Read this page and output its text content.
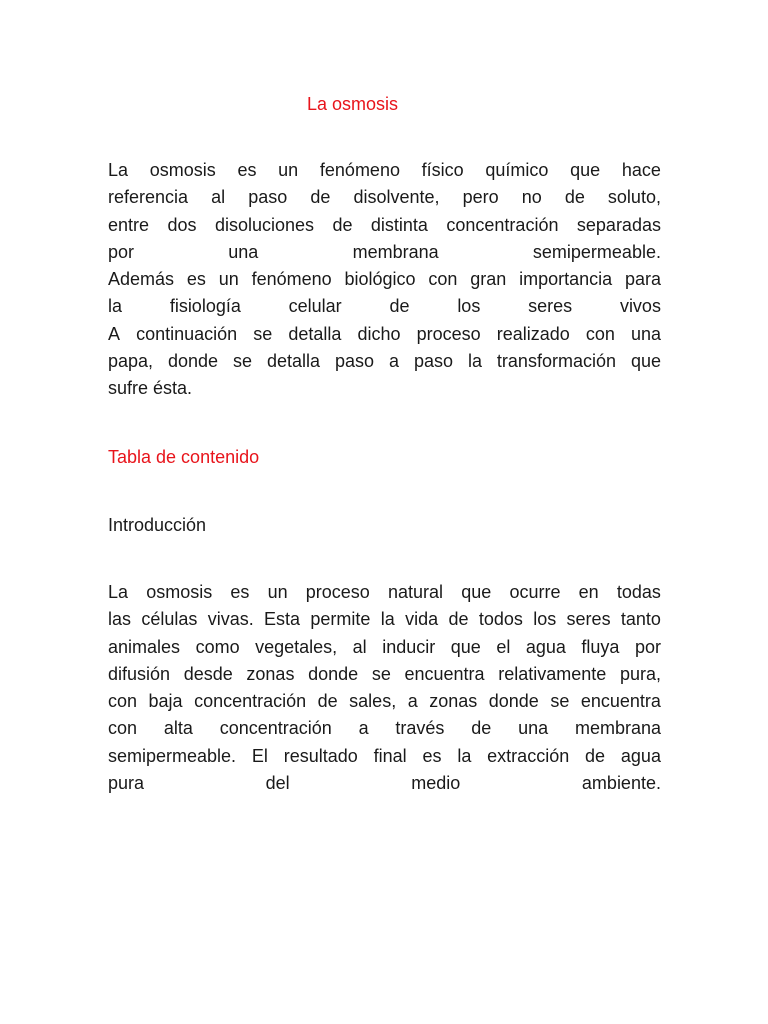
La osmosis
La osmosis es un fenómeno físico químico que hace
referencia al paso de disolvente, pero no de soluto,
entre dos disoluciones de distinta concentración separadas
por	una	membrana	semipermeable.
Además es un fenómeno biológico con gran importancia para
la	fisiología	celular	de	los	seres	vivos
A continuación se detalla dicho proceso realizado con una
papa, donde se detalla paso a paso la transformación que
sufre ésta.
Tabla de contenido
Introducción
La osmosis es un proceso natural que ocurre en todas
las células vivas. Esta permite la vida de todos los seres tanto
animales como vegetales, al inducir que el agua fluya por
difusión desde zonas donde se encuentra relativamente pura,
con baja concentración de sales, a zonas donde se encuentra
con alta concentración a través de una membrana
semipermeable. El resultado final es la extracción de agua
pura	del	medio	ambiente.
